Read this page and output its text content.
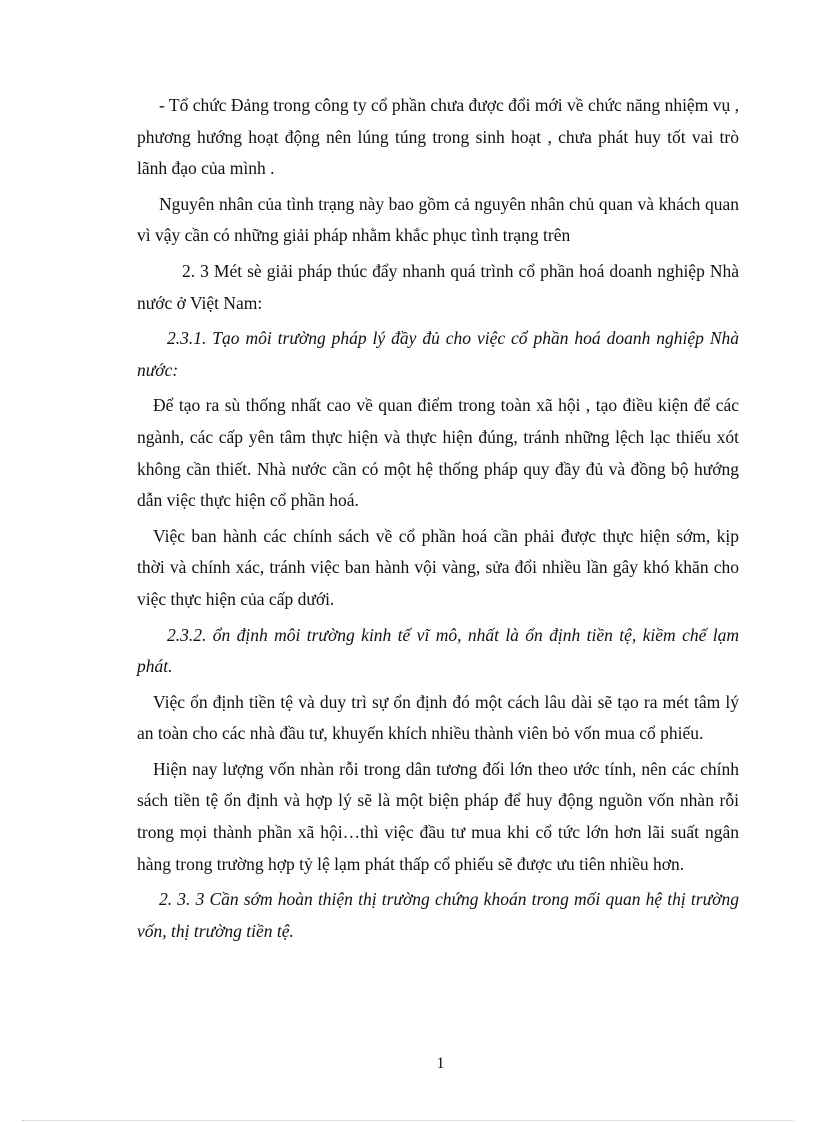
- Tổ chức Đảng trong công ty cổ phần chưa được đổi mới về chức năng nhiệm vụ , phương hướng hoạt động nên lúng túng trong sinh hoạt , chưa phát huy tốt vai trò lãnh đạo của mình .

Nguyên nhân của tình trạng này bao gồm cả nguyên nhân chủ quan và khách quan vì vậy cần có những giải pháp nhằm khắc phục tình trạng trên

2. 3 Mét sè giải pháp thúc đẩy nhanh quá trình cổ phần hoá doanh nghiệp Nhà nước ở Việt Nam:

2.3.1. Tạo môi trường pháp lý đầy đủ cho việc cổ phần hoá doanh nghiệp Nhà nước:

Để tạo ra sù thống nhất cao về quan điểm trong toàn xã hội , tạo điều kiện để các ngành, các cấp yên tâm thực hiện và thực hiện đúng, tránh những lệch lạc thiếu xót không cần thiết. Nhà nước cần có một hệ thống pháp quy đầy đủ và đồng bộ hướng dẫn việc thực hiện cổ phần hoá.

Việc ban hành các chính sách về cổ phần hoá cần phải được thực hiện sớm, kịp thời và chính xác, tránh việc ban hành vội vàng, sửa đổi nhiều lần gây khó khăn cho việc thực hiện của cấp dưới.

2.3.2. ổn định môi trường kinh tế vĩ mô, nhất là ổn định tiền tệ, kiềm chế lạm phát.

Việc ổn định tiền tệ và duy trì sự ổn định đó một cách lâu dài sẽ tạo ra mét tâm lý an toàn cho các nhà đầu tư, khuyến khích nhiều thành viên bỏ vốn mua cổ phiếu.

Hiện nay lượng vốn nhàn rỗi trong dân tương đối lớn theo ước tính, nên các chính sách tiền tệ ổn định và hợp lý sẽ là một biện pháp để huy động nguồn vốn nhàn rỗi trong mọi thành phần xã hội…thì việc đầu tư mua khi cổ tức lớn hơn lãi suất ngân hàng trong trường hợp tỷ lệ lạm phát thấp cổ phiếu sẽ được ưu tiên nhiều hơn.

2. 3. 3 Cần sớm hoàn thiện thị trường chứng khoán trong mối quan hệ thị trường vốn, thị trường tiền tệ.

1
